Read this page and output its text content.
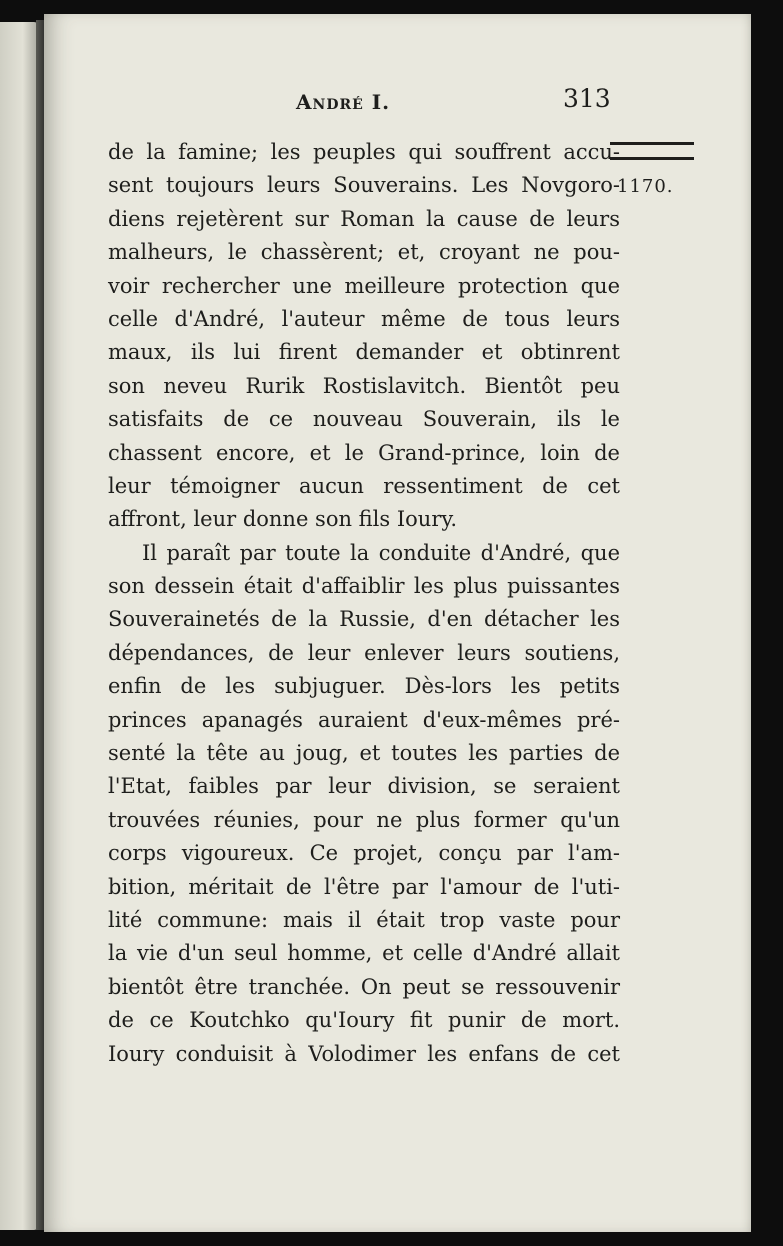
André I.	313
1170.
de la famine; les peuples qui souffrent accu-
sent toujours leurs Souverains. Les Novgoro-
diens rejetèrent sur Roman la cause de leurs
malheurs, le chassèrent; et, croyant ne pou-
voir rechercher une meilleure protection que
celle d'André, l'auteur même de tous leurs
maux, ils lui firent demander et obtinrent
son neveu Rurik Rostislavitch. Bientôt peu
satisfaits de ce nouveau Souverain, ils le
chassent encore, et le Grand-prince, loin de
leur témoigner aucun ressentiment de cet
affront, leur donne son fils Ioury.
Il paraît par toute la conduite d'André, que
son dessein était d'affaiblir les plus puissantes
Souverainetés de la Russie, d'en détacher les
dépendances, de leur enlever leurs soutiens,
enfin de les subjuguer. Dès-lors les petits
princes apanagés auraient d'eux-mêmes pré-
senté la tête au joug, et toutes les parties de
l'Etat, faibles par leur division, se seraient
trouvées réunies, pour ne plus former qu'un
corps vigoureux. Ce projet, conçu par l'am-
bition, méritait de l'être par l'amour de l'uti-
lité commune: mais il était trop vaste pour
la vie d'un seul homme, et celle d'André allait
bientôt être tranchée. On peut se ressouvenir
de ce Koutchko qu'Ioury fit punir de mort.
Ioury conduisit à Volodimer les enfans de cet
